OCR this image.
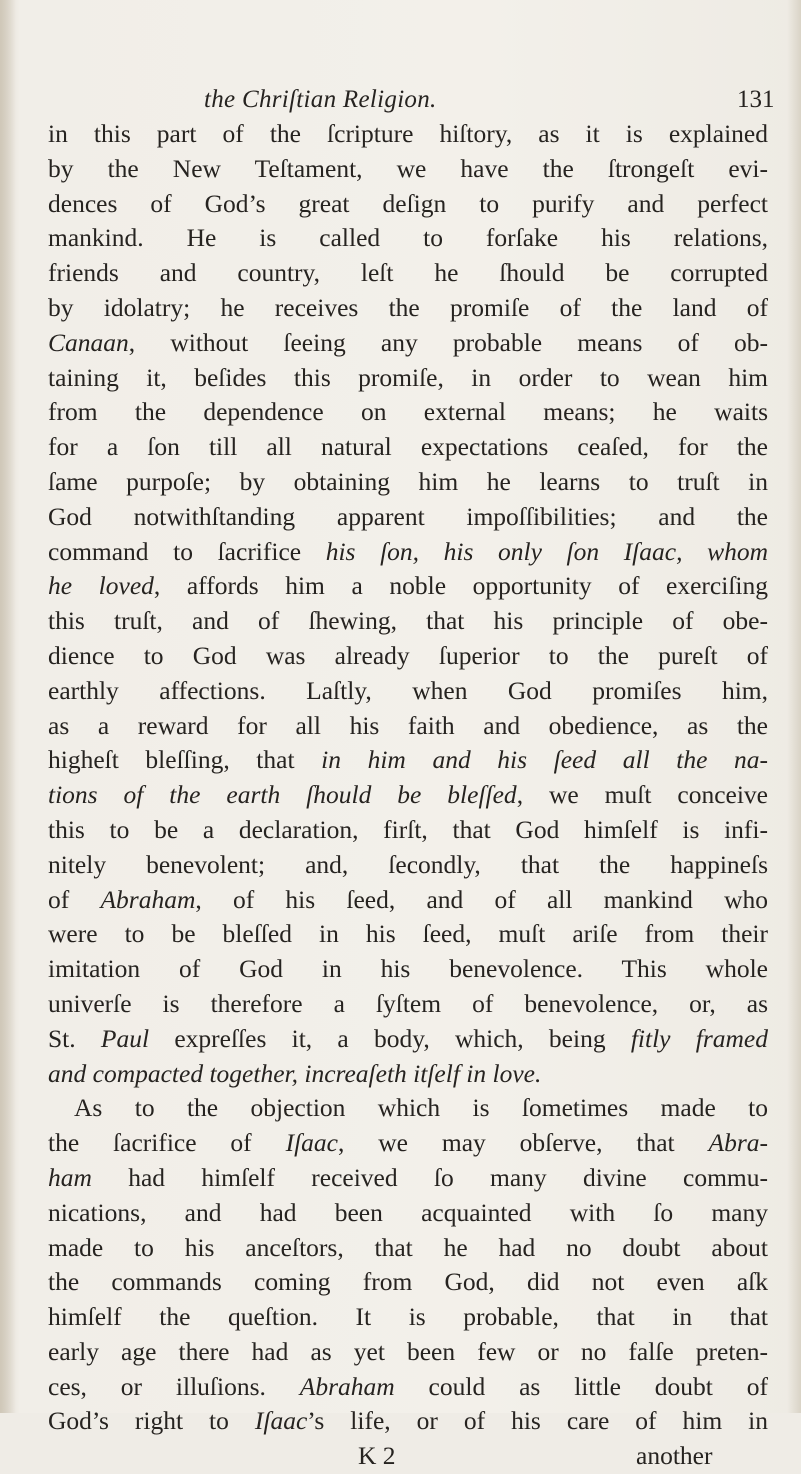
the Chriſtian Religion.	131
in this part of the ſcripture hiſtory, as it is explained
by the New Teſtament, we have the ſtrongeſt evi-
dences of God’s great deſign to purify and perfect
mankind. He is called to forſake his relations,
friends and country, leſt he ſhould be corrupted
by idolatry; he receives the promiſe of the land of
Canaan, without ſeeing any probable means of ob-
taining it, beſides this promiſe, in order to wean him
from the dependence on external means; he waits
for a ſon till all natural expectations ceaſed, for the
ſame purpoſe; by obtaining him he learns to truſt in
God notwithſtanding apparent impoſſibilities; and the
command to ſacrifice his ſon, his only ſon Iſaac, whom
he loved, affords him a noble opportunity of exerciſing
this truſt, and of ſhewing, that his principle of obe-
dience to God was already ſuperior to the pureſt of
earthly affections. Laſtly, when God promiſes him,
as a reward for all his faith and obedience, as the
higheſt bleſſing, that in him and his ſeed all the na-
tions of the earth ſhould be bleſſed, we muſt conceive
this to be a declaration, firſt, that God himſelf is infi-
nitely benevolent; and, ſecondly, that the happineſs
of Abraham, of his ſeed, and of all mankind who
were to be bleſſed in his ſeed, muſt ariſe from their
imitation of God in his benevolence. This whole
univerſe is therefore a ſyſtem of benevolence, or, as
St. Paul expreſſes it, a body, which, being fitly framed
and compacted together, increaſeth itſelf in love.
As to the objection which is ſometimes made to
the ſacrifice of Iſaac, we may obſerve, that Abra-
ham had himſelf received ſo many divine commu-
nications, and had been acquainted with ſo many
made to his anceſtors, that he had no doubt about
the commands coming from God, did not even aſk
himſelf the queſtion. It is probable, that in that
early age there had as yet been few or no falſe preten-
ces, or illuſions. Abraham could as little doubt of
God’s right to Iſaac’s life, or of his care of him in
K 2	another
